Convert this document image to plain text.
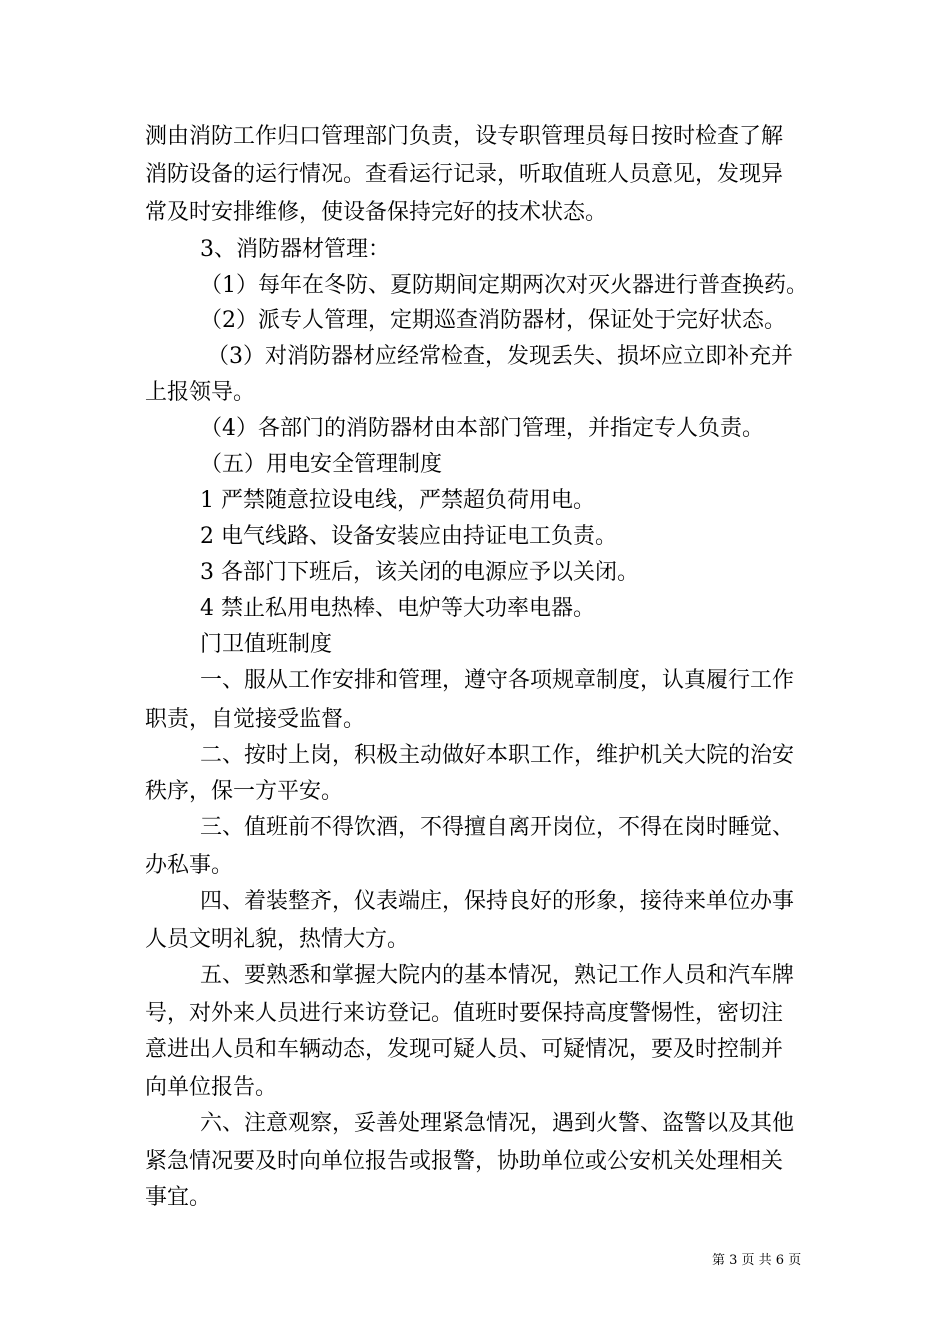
测由消防工作归口管理部门负责，设专职管理员每日按时检查了解
消防设备的运行情况。查看运行记录，听取值班人员意见，发现异
常及时安排维修，使设备保持完好的技术状态。
3、消防器材管理：
（1）每年在冬防、夏防期间定期两次对灭火器进行普查换药。
（2）派专人管理，定期巡查消防器材，保证处于完好状态。
（3）对消防器材应经常检查，发现丢失、损坏应立即补充并
上报领导。
（4）各部门的消防器材由本部门管理，并指定专人负责。
（五）用电安全管理制度
1 严禁随意拉设电线，严禁超负荷用电。
2 电气线路、设备安装应由持证电工负责。
3 各部门下班后，该关闭的电源应予以关闭。
4 禁止私用电热棒、电炉等大功率电器。
门卫值班制度
一、服从工作安排和管理，遵守各项规章制度，认真履行工作
职责，自觉接受监督。
二、按时上岗，积极主动做好本职工作，维护机关大院的治安
秩序，保一方平安。
三、值班前不得饮酒，不得擅自离开岗位，不得在岗时睡觉、
办私事。
四、着装整齐，仪表端庄，保持良好的形象，接待来单位办事
人员文明礼貌，热情大方。
五、要熟悉和掌握大院内的基本情况，熟记工作人员和汽车牌
号，对外来人员进行来访登记。值班时要保持高度警惕性，密切注
意进出人员和车辆动态，发现可疑人员、可疑情况，要及时控制并
向单位报告。
六、注意观察，妥善处理紧急情况，遇到火警、盗警以及其他
紧急情况要及时向单位报告或报警，协助单位或公安机关处理相关
事宜。
第 3 页 共 6 页
